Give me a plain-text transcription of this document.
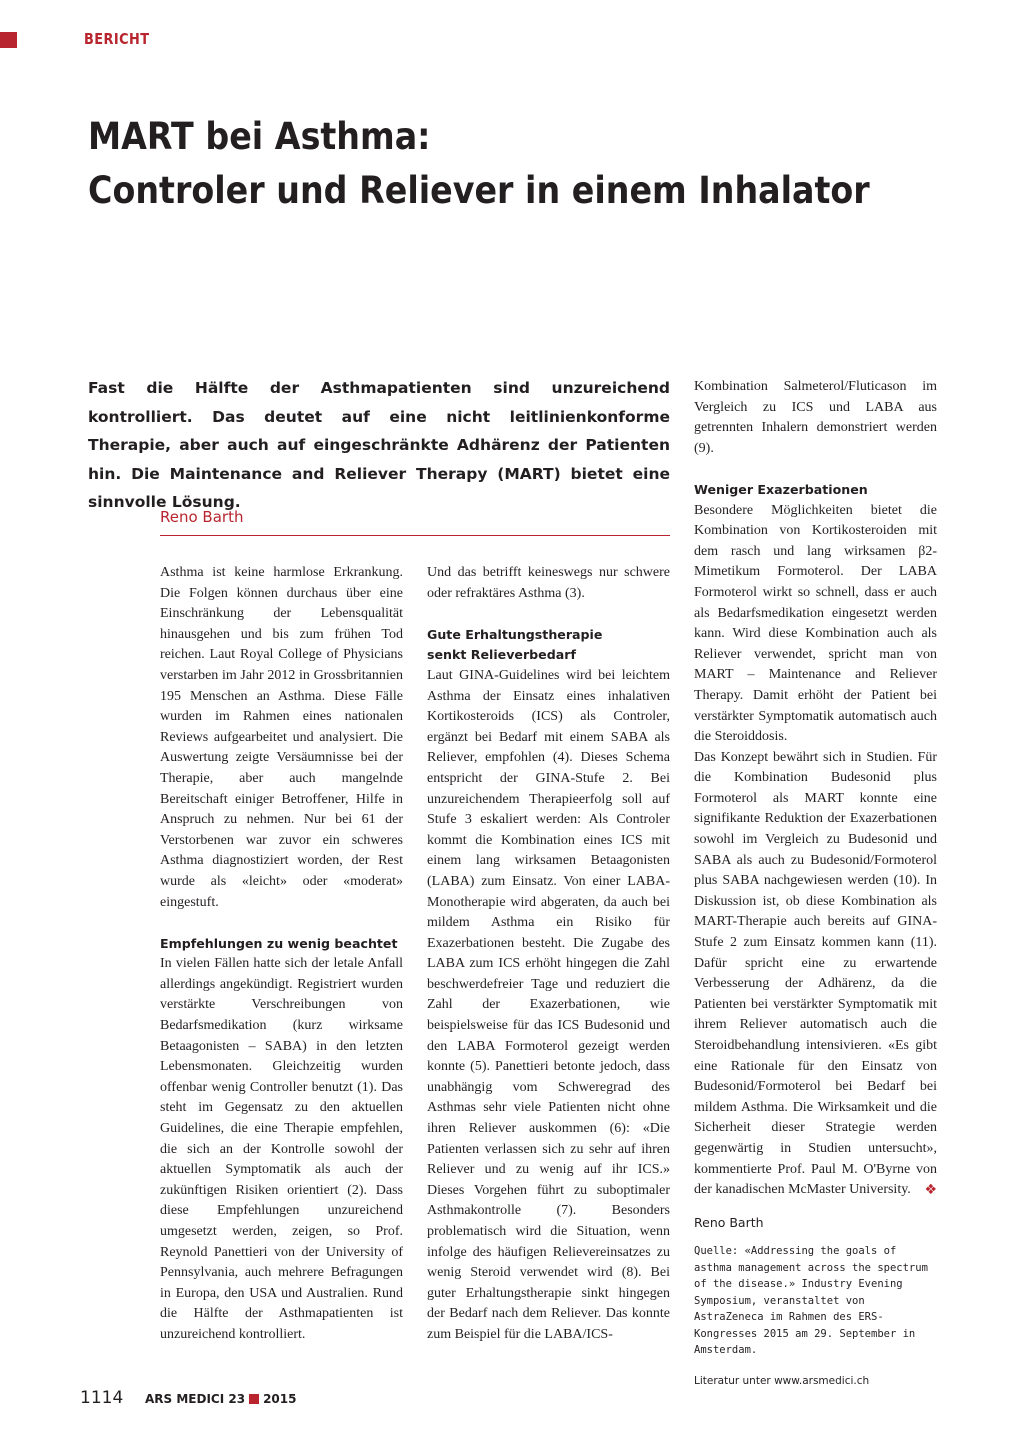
BERICHT
MART bei Asthma:
Controler und Reliever in einem Inhalator
Fast die Hälfte der Asthmapatienten sind unzureichend kontrolliert. Das deutet auf eine nicht leitlinienkonforme Therapie, aber auch auf eingeschränkte Adhärenz der Patienten hin. Die Maintenance and Reliever Therapy (MART) bietet eine sinnvolle Lösung.
Reno Barth

Asthma ist keine harmlose Erkrankung. Die Folgen können durchaus über eine Einschränkung der Lebensqualität hinausgehen und bis zum frühen Tod reichen. Laut Royal College of Physicians verstarben im Jahr 2012 in Grossbritannien 195 Menschen an Asthma. Diese Fälle wurden im Rahmen eines nationalen Reviews aufgearbeitet und analysiert. Die Auswertung zeigte Versäumnisse bei der Therapie, aber auch mangelnde Bereitschaft einiger Betroffener, Hilfe in Anspruch zu nehmen. Nur bei 61 der Verstorbenen war zuvor ein schweres Asthma diagnostiziert worden, der Rest wurde als «leicht» oder «moderat» eingestuft.

Empfehlungen zu wenig beachtet

In vielen Fällen hatte sich der letale Anfall allerdings angekündigt. Registriert wurden verstärkte Verschreibungen von Bedarfsmedikation (kurz wirksame Betaagonisten – SABA) in den letzten Lebensmonaten. Gleichzeitig wurden offenbar wenig Controller benutzt (1). Das steht im Gegensatz zu den aktuellen Guidelines, die eine Therapie empfehlen, die sich an der Kontrolle sowohl der aktuellen Symptomatik als auch der zukünftigen Risiken orientiert (2). Dass diese Empfehlungen unzureichend umgesetzt werden, zeigen, so Prof. Reynold Panettieri von der University of Pennsylvania, auch mehrere Befragungen in Europa, den USA und Australien. Rund die Hälfte der Asthmapatienten ist unzureichend kontrolliert.

Und das betrifft keineswegs nur schwere oder refraktäres Asthma (3).

Gute Erhaltungstherapie

senkt Relieverbedarf

Laut GINA-Guidelines wird bei leichtem Asthma der Einsatz eines inhalativen Kortikosteroids (ICS) als Controler, ergänzt bei Bedarf mit einem SABA als Reliever, empfohlen (4). Dieses Schema entspricht der GINA-Stufe 2. Bei unzureichendem Therapieerfolg soll auf Stufe 3 eskaliert werden: Als Controler kommt die Kombination eines ICS mit einem lang wirksamen Betaagonisten (LABA) zum Einsatz. Von einer LABA-Monotherapie wird abgeraten, da auch bei mildem Asthma ein Risiko für Exazerbationen besteht. Die Zugabe des LABA zum ICS erhöht hingegen die Zahl beschwerdefreier Tage und reduziert die Zahl der Exazerbationen, wie beispielsweise für das ICS Budesonid und den LABA Formoterol gezeigt werden konnte (5). Panettieri betonte jedoch, dass unabhängig vom Schweregrad des Asthmas sehr viele Patienten nicht ohne ihren Reliever auskommen (6): «Die Patienten verlassen sich zu sehr auf ihren Reliever und zu wenig auf ihr ICS.» Dieses Vorgehen führt zu suboptimaler Asthmakontrolle (7). Besonders problematisch wird die Situation, wenn infolge des häufigen Relievereinsatzes zu wenig Steroid verwendet wird (8). Bei guter Erhaltungstherapie sinkt hingegen der Bedarf nach dem Reliever. Das konnte zum Beispiel für die LABA/ICS-

Kombination Salmeterol/Fluticason im Vergleich zu ICS und LABA aus getrennten Inhalern demonstriert werden (9).

Weniger Exazerbationen

Besondere Möglichkeiten bietet die Kombination von Kortikosteroiden mit dem rasch und lang wirksamen β2-Mimetikum Formoterol. Der LABA Formoterol wirkt so schnell, dass er auch als Bedarfsmedikation eingesetzt werden kann. Wird diese Kombination auch als Reliever verwendet, spricht man von MART – Maintenance and Reliever Therapy. Damit erhöht der Patient bei verstärkter Symptomatik automatisch auch die Steroiddosis.

Das Konzept bewährt sich in Studien. Für die Kombination Budesonid plus Formoterol als MART konnte eine signifikante Reduktion der Exazerbationen sowohl im Vergleich zu Budesonid und SABA als auch zu Budesonid/Formoterol plus SABA nachgewiesen werden (10). In Diskussion ist, ob diese Kombination als MART-Therapie auch bereits auf GINA-Stufe 2 zum Einsatz kommen kann (11). Dafür spricht eine zu erwartende Verbesserung der Adhärenz, da die Patienten bei verstärkter Symptomatik mit ihrem Reliever automatisch auch die Steroidbehandlung intensivieren. «Es gibt eine Rationale für den Einsatz von Budesonid/Formoterol bei Bedarf bei mildem Asthma. Die Wirksamkeit und die Sicherheit dieser Strategie werden gegenwärtig in Studien untersucht», kommentierte Prof. Paul M. O'Byrne von der kanadischen McMaster University. ❖

Reno Barth

Quelle: «Addressing the goals of asthma management across the spectrum of the disease.» Industry Evening Symposium, veranstaltet von AstraZeneca im Rahmen des ERS-Kongresses 2015 am 29. September in Amsterdam.

Literatur unter www.arsmedici.ch

1114 ARS MEDICI 23 2015
